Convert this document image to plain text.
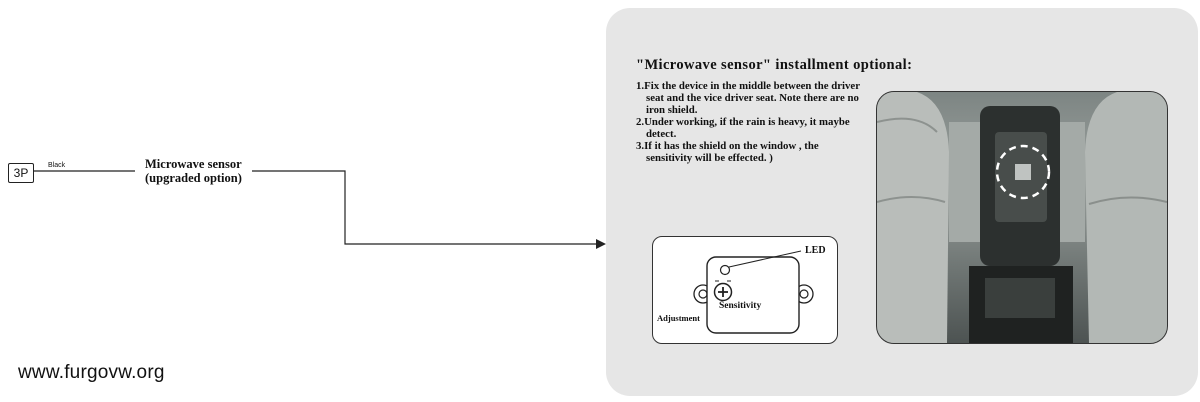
3P
Black	Microwave sensor
(upgraded option)
www.furgovw.org
"Microwave sensor" installment optional:
1.Fix the device in the middle between the driver seat and the vice driver seat. Note there are no iron shield.
2.Under working, if the rain is heavy, it maybe detect.
3.If it has the shield on the window , the sensitivity will be effected. )
LED
Sensitivity
Adjustment
